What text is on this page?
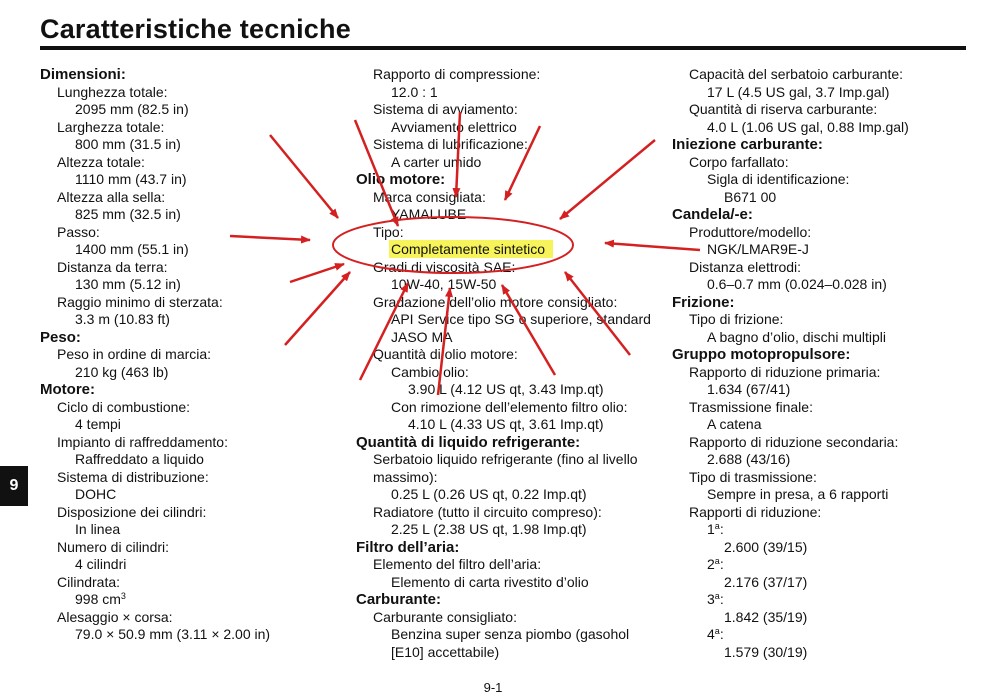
Caratteristiche tecniche
Dimensioni:
Lunghezza totale:
2095 mm (82.5 in)
Larghezza totale:
800 mm (31.5 in)
Altezza totale:
1110 mm (43.7 in)
Altezza alla sella:
825 mm (32.5 in)
Passo:
1400 mm (55.1 in)
Distanza da terra:
130 mm (5.12 in)
Raggio minimo di sterzata:
3.3 m (10.83 ft)
Peso:
Peso in ordine di marcia:
210 kg (463 lb)
Motore:
Ciclo di combustione:
4 tempi
Impianto di raffreddamento:
Raffreddato a liquido
Sistema di distribuzione:
DOHC
Disposizione dei cilindri:
In linea
Numero di cilindri:
4 cilindri
Cilindrata:
998 $cm^3$
Alesaggio × corsa:
79.0 × 50.9 mm (3.11 × 2.00 in)
Rapporto di compressione:
12.0 : 1
Sistema di avviamento:
Avviamento elettrico
Sistema di lubrificazione:
A carter umido
Olio motore:
Marca consigliata:
YAMALUBE
Tipo:
Completamente sintetico
Gradi di viscosità SAE:
10W-40, 15W-50
Gradazione dell’olio motore consigliato:
API Service tipo SG o superiore, standard
JASO MA
Quantità di olio motore:
Cambio olio:
3.90 L (4.12 US qt, 3.43 Imp.qt)
Con rimozione dell’elemento filtro olio:
4.10 L (4.33 US qt, 3.61 Imp.qt)
Quantità di liquido refrigerante:
Serbatoio liquido refrigerante (fino al livello
massimo):
0.25 L (0.26 US qt, 0.22 Imp.qt)
Radiatore (tutto il circuito compreso):
2.25 L (2.38 US qt, 1.98 Imp.qt)
Filtro dell’aria:
Elemento del filtro dell’aria:
Elemento di carta rivestito d’olio
Carburante:
Carburante consigliato:
Benzina super senza piombo (gasohol
[E10] accettabile)
Capacità del serbatoio carburante:
17 L (4.5 US gal, 3.7 Imp.gal)
Quantità di riserva carburante:
4.0 L (1.06 US gal, 0.88 Imp.gal)
Iniezione carburante:
Corpo farfallato:
Sigla di identificazione:
B671 00
Candela/-e:
Produttore/modello:
NGK/LMAR9E-J
Distanza elettrodi:
0.6–0.7 mm (0.024–0.028 in)
Frizione:
Tipo di frizione:
A bagno d’olio, dischi multipli
Gruppo motopropulsore:
Rapporto di riduzione primaria:
1.634 (67/41)
Trasmissione finale:
A catena
Rapporto di riduzione secondaria:
2.688 (43/16)
Tipo di trasmissione:
Sempre in presa, a 6 rapporti
Rapporti di riduzione:
1$^a$:
2.600 (39/15)
2$^a$:
2.176 (37/17)
3$^a$:
1.842 (35/19)
4$^a$:
1.579 (30/19)
9
9-1
